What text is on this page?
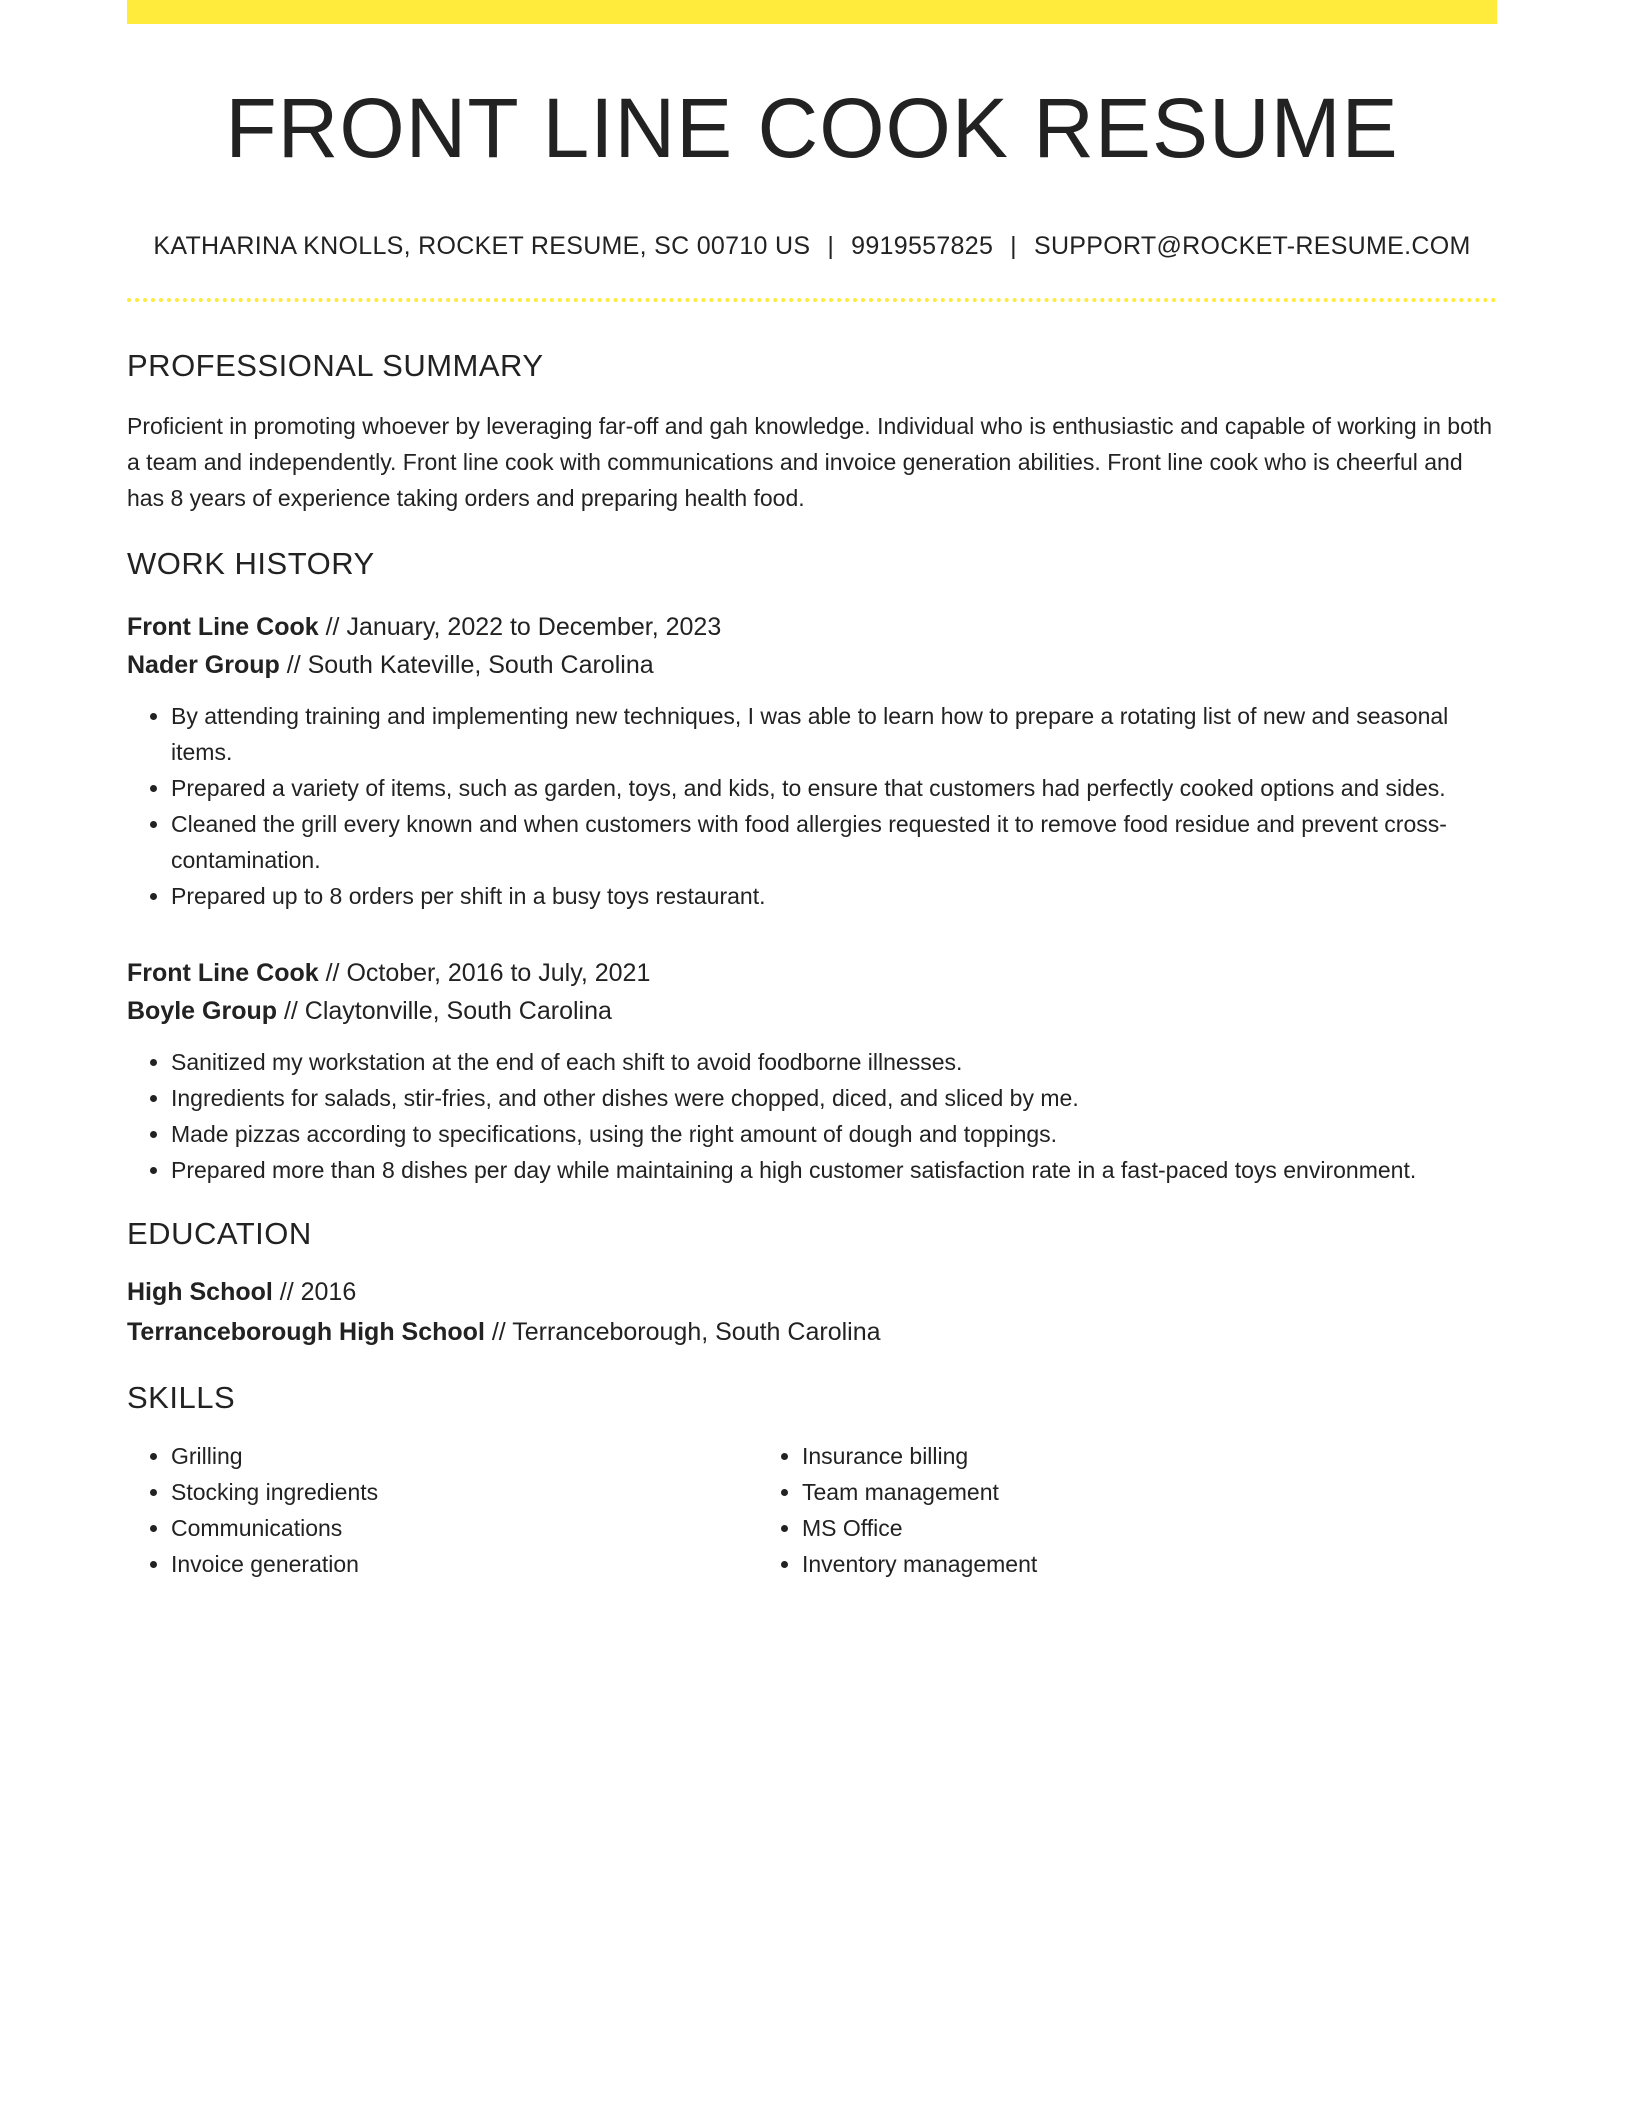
FRONT LINE COOK RESUME
KATHARINA KNOLLS, ROCKET RESUME, SC 00710 US | 9919557825 | SUPPORT@ROCKET-RESUME.COM
PROFESSIONAL SUMMARY
Proficient in promoting whoever by leveraging far-off and gah knowledge. Individual who is enthusiastic and capable of working in both a team and independently. Front line cook with communications and invoice generation abilities. Front line cook who is cheerful and has 8 years of experience taking orders and preparing health food.
WORK HISTORY
Front Line Cook // January, 2022 to December, 2023
Nader Group // South Kateville, South Carolina
• By attending training and implementing new techniques, I was able to learn how to prepare a rotating list of new and seasonal items.
• Prepared a variety of items, such as garden, toys, and kids, to ensure that customers had perfectly cooked options and sides.
• Cleaned the grill every known and when customers with food allergies requested it to remove food residue and prevent cross-contamination.
• Prepared up to 8 orders per shift in a busy toys restaurant.
Front Line Cook // October, 2016 to July, 2021
Boyle Group // Claytonville, South Carolina
• Sanitized my workstation at the end of each shift to avoid foodborne illnesses.
• Ingredients for salads, stir-fries, and other dishes were chopped, diced, and sliced by me.
• Made pizzas according to specifications, using the right amount of dough and toppings.
• Prepared more than 8 dishes per day while maintaining a high customer satisfaction rate in a fast-paced toys environment.
EDUCATION
High School // 2016
Terranceborough High School // Terranceborough, South Carolina
SKILLS
• Grilling
• Stocking ingredients
• Communications
• Invoice generation
• Insurance billing
• Team management
• MS Office
• Inventory management
